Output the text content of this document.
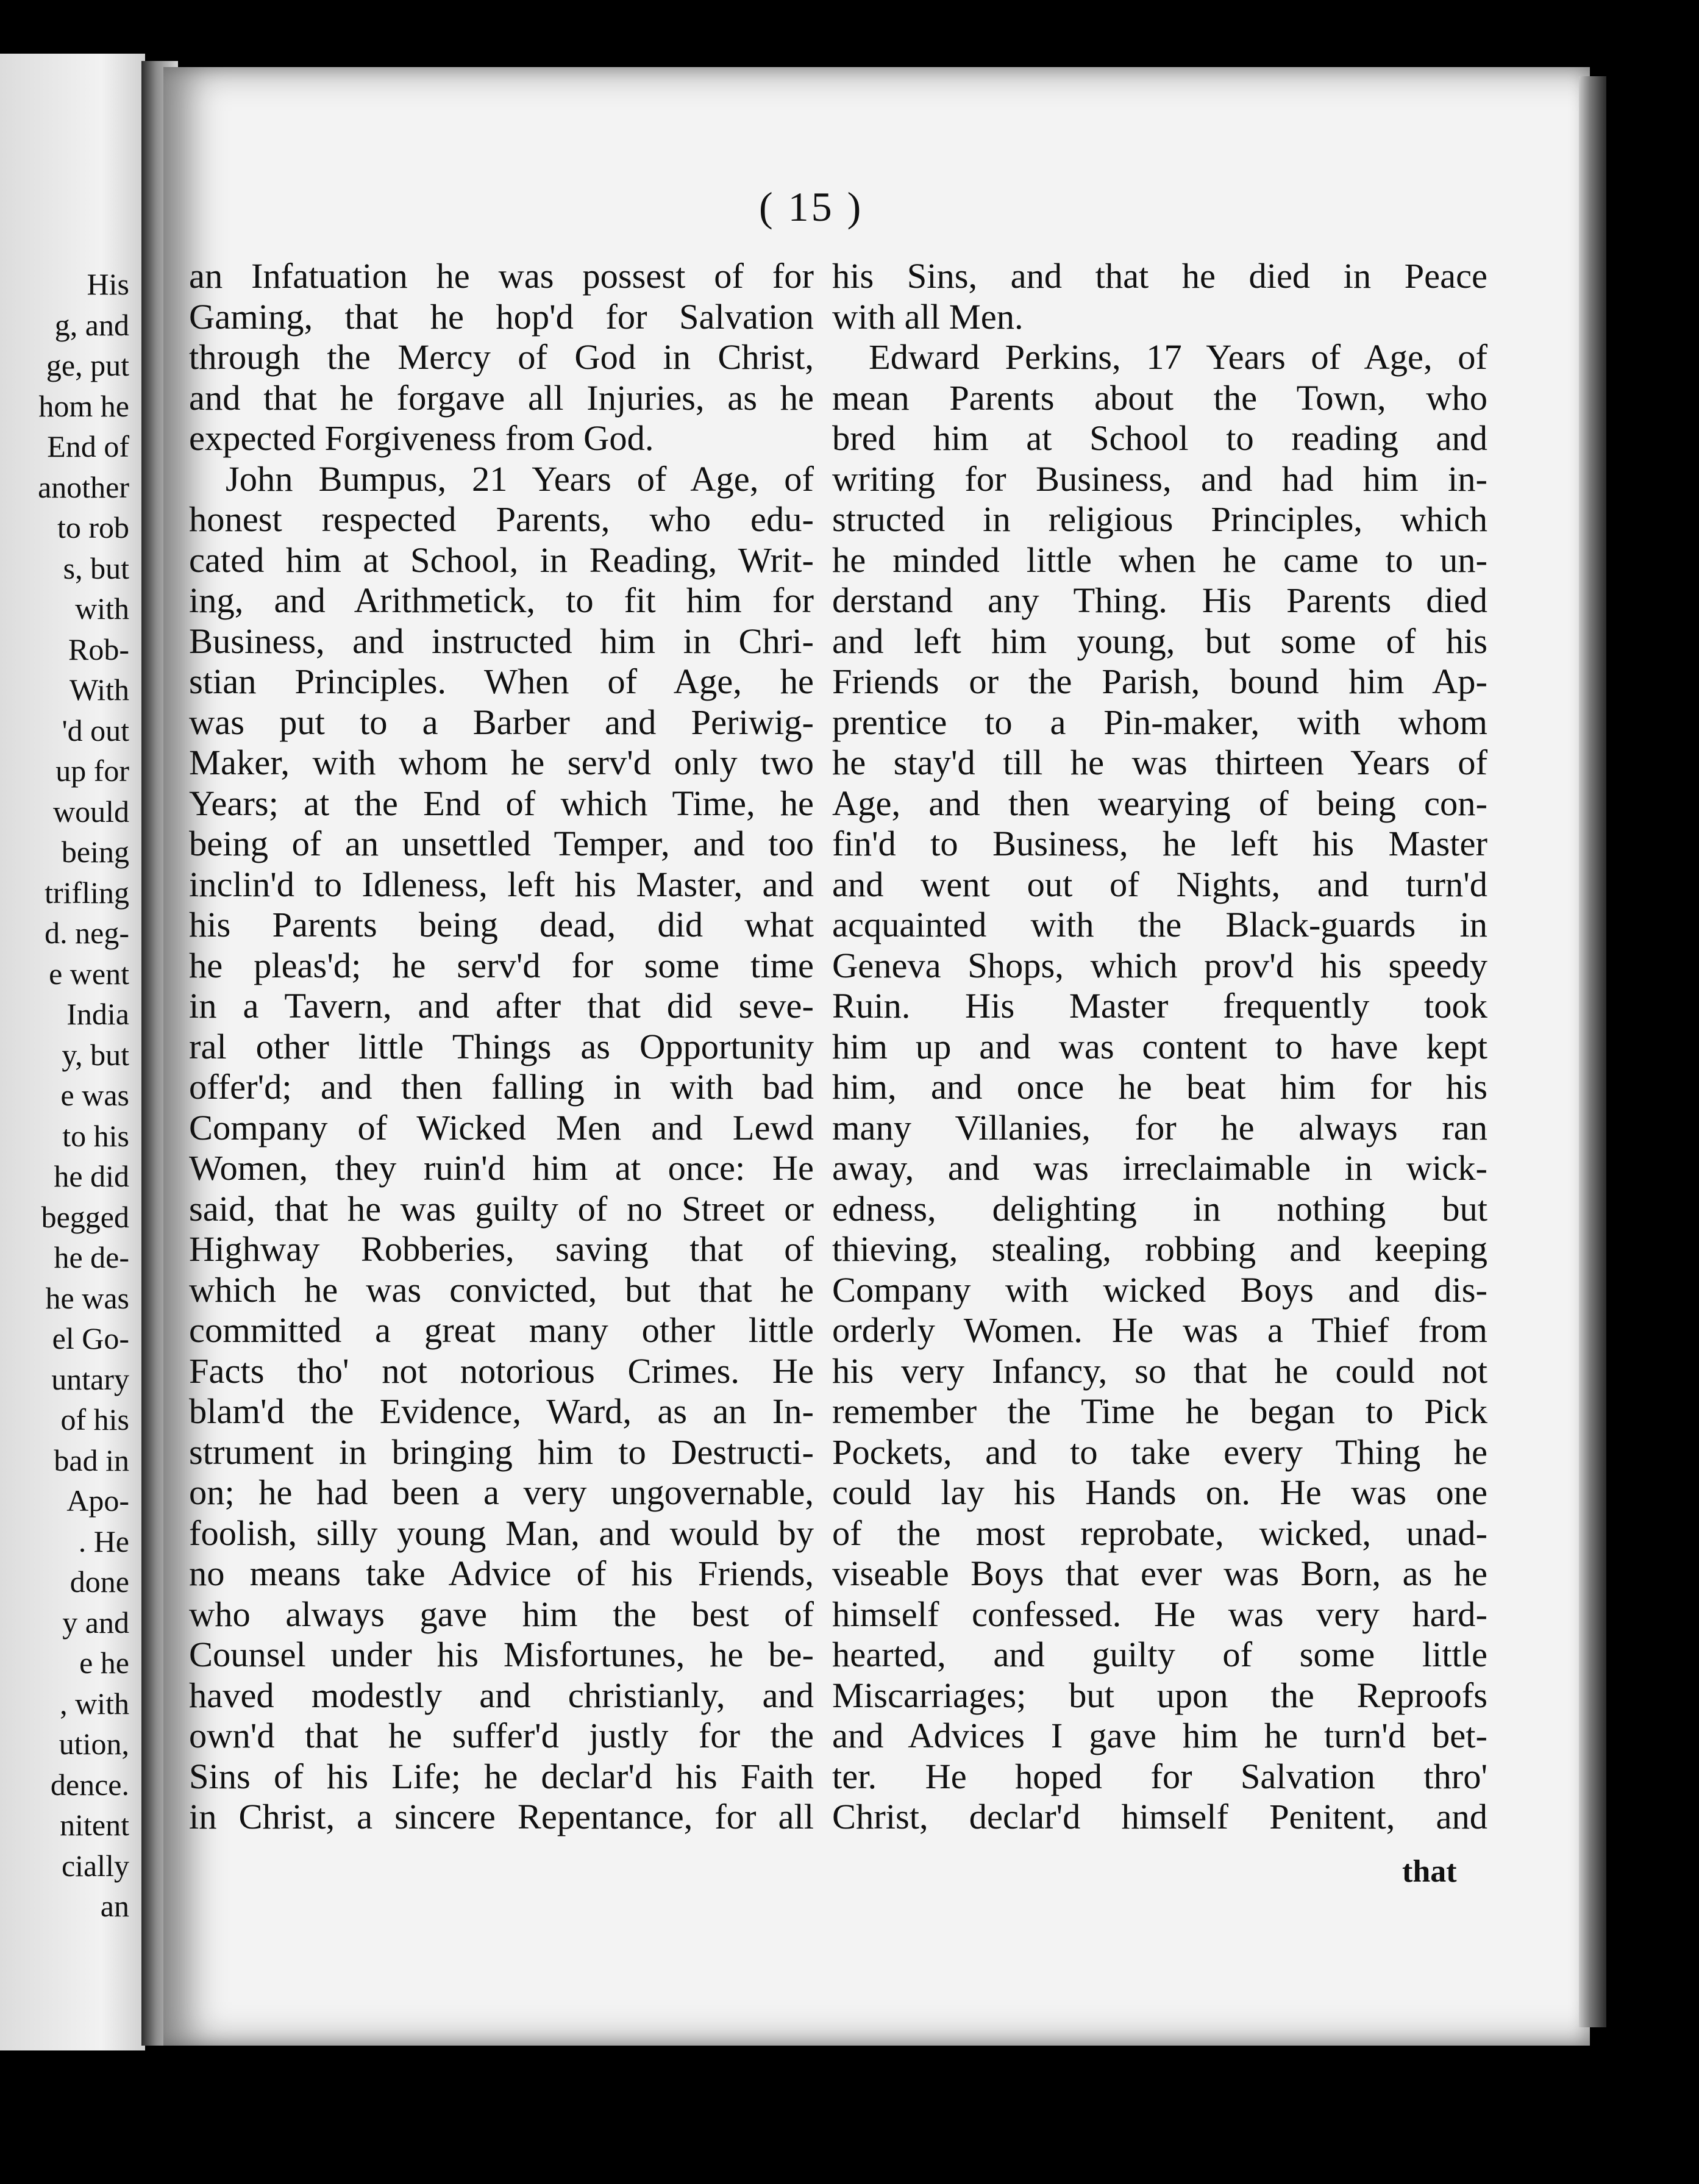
His
g, and
ge, put
hom he
End of
another
to rob
s, but
with
Rob-
With
'd out
up for
would
being
trifling
d. neg-
e went
India
y, but
e was
to his
he did
begged
he de-
he was
el Go-
untary
of his
bad in
Apo-
. He
done
y and
e he
, with
ution,
dence.
nitent
cially
an
( 15 )
an Infatuation he was possest of for
Gaming, that he hop'd for Salvation
through the Mercy of God in Christ,
and that he forgave all Injuries, as he
expected Forgiveness from God.
John Bumpus, 21 Years of Age, of
honest respected Parents, who edu-
cated him at School, in Reading, Writ-
ing, and Arithmetick, to fit him for
Business, and instructed him in Chri-
stian Principles. When of Age, he
was put to a Barber and Periwig-
Maker, with whom he serv'd only two
Years; at the End of which Time, he
being of an unsettled Temper, and too
inclin'd to Idleness, left his Master, and
his Parents being dead, did what
he pleas'd; he serv'd for some time
in a Tavern, and after that did seve-
ral other little Things as Opportunity
offer'd; and then falling in with bad
Company of Wicked Men and Lewd
Women, they ruin'd him at once: He
said, that he was guilty of no Street or
Highway Robberies, saving that of
which he was convicted, but that he
committed a great many other little
Facts tho' not notorious Crimes. He
blam'd the Evidence, Ward, as an In-
strument in bringing him to Destructi-
on; he had been a very ungovernable,
foolish, silly young Man, and would by
no means take Advice of his Friends,
who always gave him the best of
Counsel under his Misfortunes, he be-
haved modestly and christianly, and
own'd that he suffer'd justly for the
Sins of his Life; he declar'd his Faith
in Christ, a sincere Repentance, for all
his Sins, and that he died in Peace
with all Men.
Edward Perkins, 17 Years of Age, of
mean Parents about the Town, who
bred him at School to reading and
writing for Business, and had him in-
structed in religious Principles, which
he minded little when he came to un-
derstand any Thing. His Parents died
and left him young, but some of his
Friends or the Parish, bound him Ap-
prentice to a Pin-maker, with whom
he stay'd till he was thirteen Years of
Age, and then wearying of being con-
fin'd to Business, he left his Master
and went out of Nights, and turn'd
acquainted with the Black-guards in
Geneva Shops, which prov'd his speedy
Ruin. His Master frequently took
him up and was content to have kept
him, and once he beat him for his
many Villanies, for he always ran
away, and was irreclaimable in wick-
edness, delighting in nothing but
thieving, stealing, robbing and keeping
Company with wicked Boys and dis-
orderly Women. He was a Thief from
his very Infancy, so that he could not
remember the Time he began to Pick
Pockets, and to take every Thing he
could lay his Hands on. He was one
of the most reprobate, wicked, unad-
viseable Boys that ever was Born, as he
himself confessed. He was very hard-
hearted, and guilty of some little
Miscarriages; but upon the Reproofs
and Advices I gave him he turn'd bet-
ter. He hoped for Salvation thro'
Christ, declar'd himself Penitent, and
that
